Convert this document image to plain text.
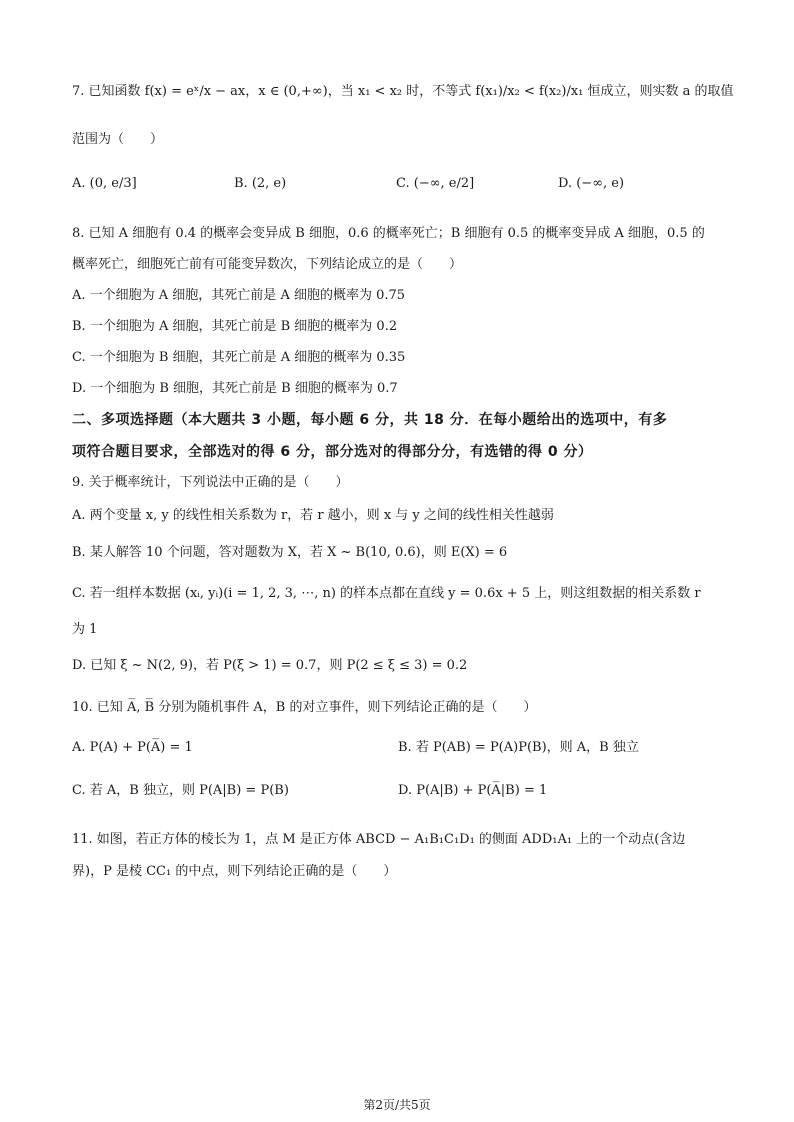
7. 已知函数 f(x) = eˣ/x − ax，x ∈ (0,+∞)，当 x₁ < x₂ 时，不等式 f(x₁)/x₂ < f(x₂)/x₁ 恒成立，则实数 a 的取值
范围为（　　）
A. (0, e/3]	B. (2, e)	C. (−∞, e/2]	D. (−∞, e)
8. 已知 A 细胞有 0.4 的概率会变异成 B 细胞，0.6 的概率死亡；B 细胞有 0.5 的概率变异成 A 细胞，0.5 的
概率死亡，细胞死亡前有可能变异数次，下列结论成立的是（　　）
A. 一个细胞为 A 细胞，其死亡前是 A 细胞的概率为 0.75
B. 一个细胞为 A 细胞，其死亡前是 B 细胞的概率为 0.2
C. 一个细胞为 B 细胞，其死亡前是 A 细胞的概率为 0.35
D. 一个细胞为 B 细胞，其死亡前是 B 细胞的概率为 0.7
二、多项选择题（本大题共 3 小题，每小题 6 分，共 18 分．在每小题给出的选项中，有多
项符合题目要求，全部选对的得 6 分，部分选对的得部分分，有选错的得 0 分）
9. 关于概率统计，下列说法中正确的是（　　）
A. 两个变量 x, y 的线性相关系数为 r，若 r 越小，则 x 与 y 之间的线性相关性越弱
B. 某人解答 10 个问题，答对题数为 X，若 X ~ B(10, 0.6)，则 E(X) = 6
C. 若一组样本数据 (xᵢ, yᵢ)(i = 1, 2, 3, ⋯, n) 的样本点都在直线 y = 0.6x + 5 上，则这组数据的相关系数 r
为 1
D. 已知 ξ ~ N(2, 9)，若 P(ξ > 1) = 0.7，则 P(2 ≤ ξ ≤ 3) = 0.2
10. 已知 A̅, B̅ 分别为随机事件 A，B 的对立事件，则下列结论正确的是（　　）
A. P(A) + P(A̅) = 1	B. 若 P(AB) = P(A)P(B)，则 A，B 独立
C. 若 A，B 独立，则 P(A|B) = P(B)	D. P(A|B) + P(A̅|B) = 1
11. 如图，若正方体的棱长为 1，点 M 是正方体 ABCD − A₁B₁C₁D₁ 的侧面 ADD₁A₁ 上的一个动点(含边
界)，P 是棱 CC₁ 的中点，则下列结论正确的是（　　）
第2页/共5页
